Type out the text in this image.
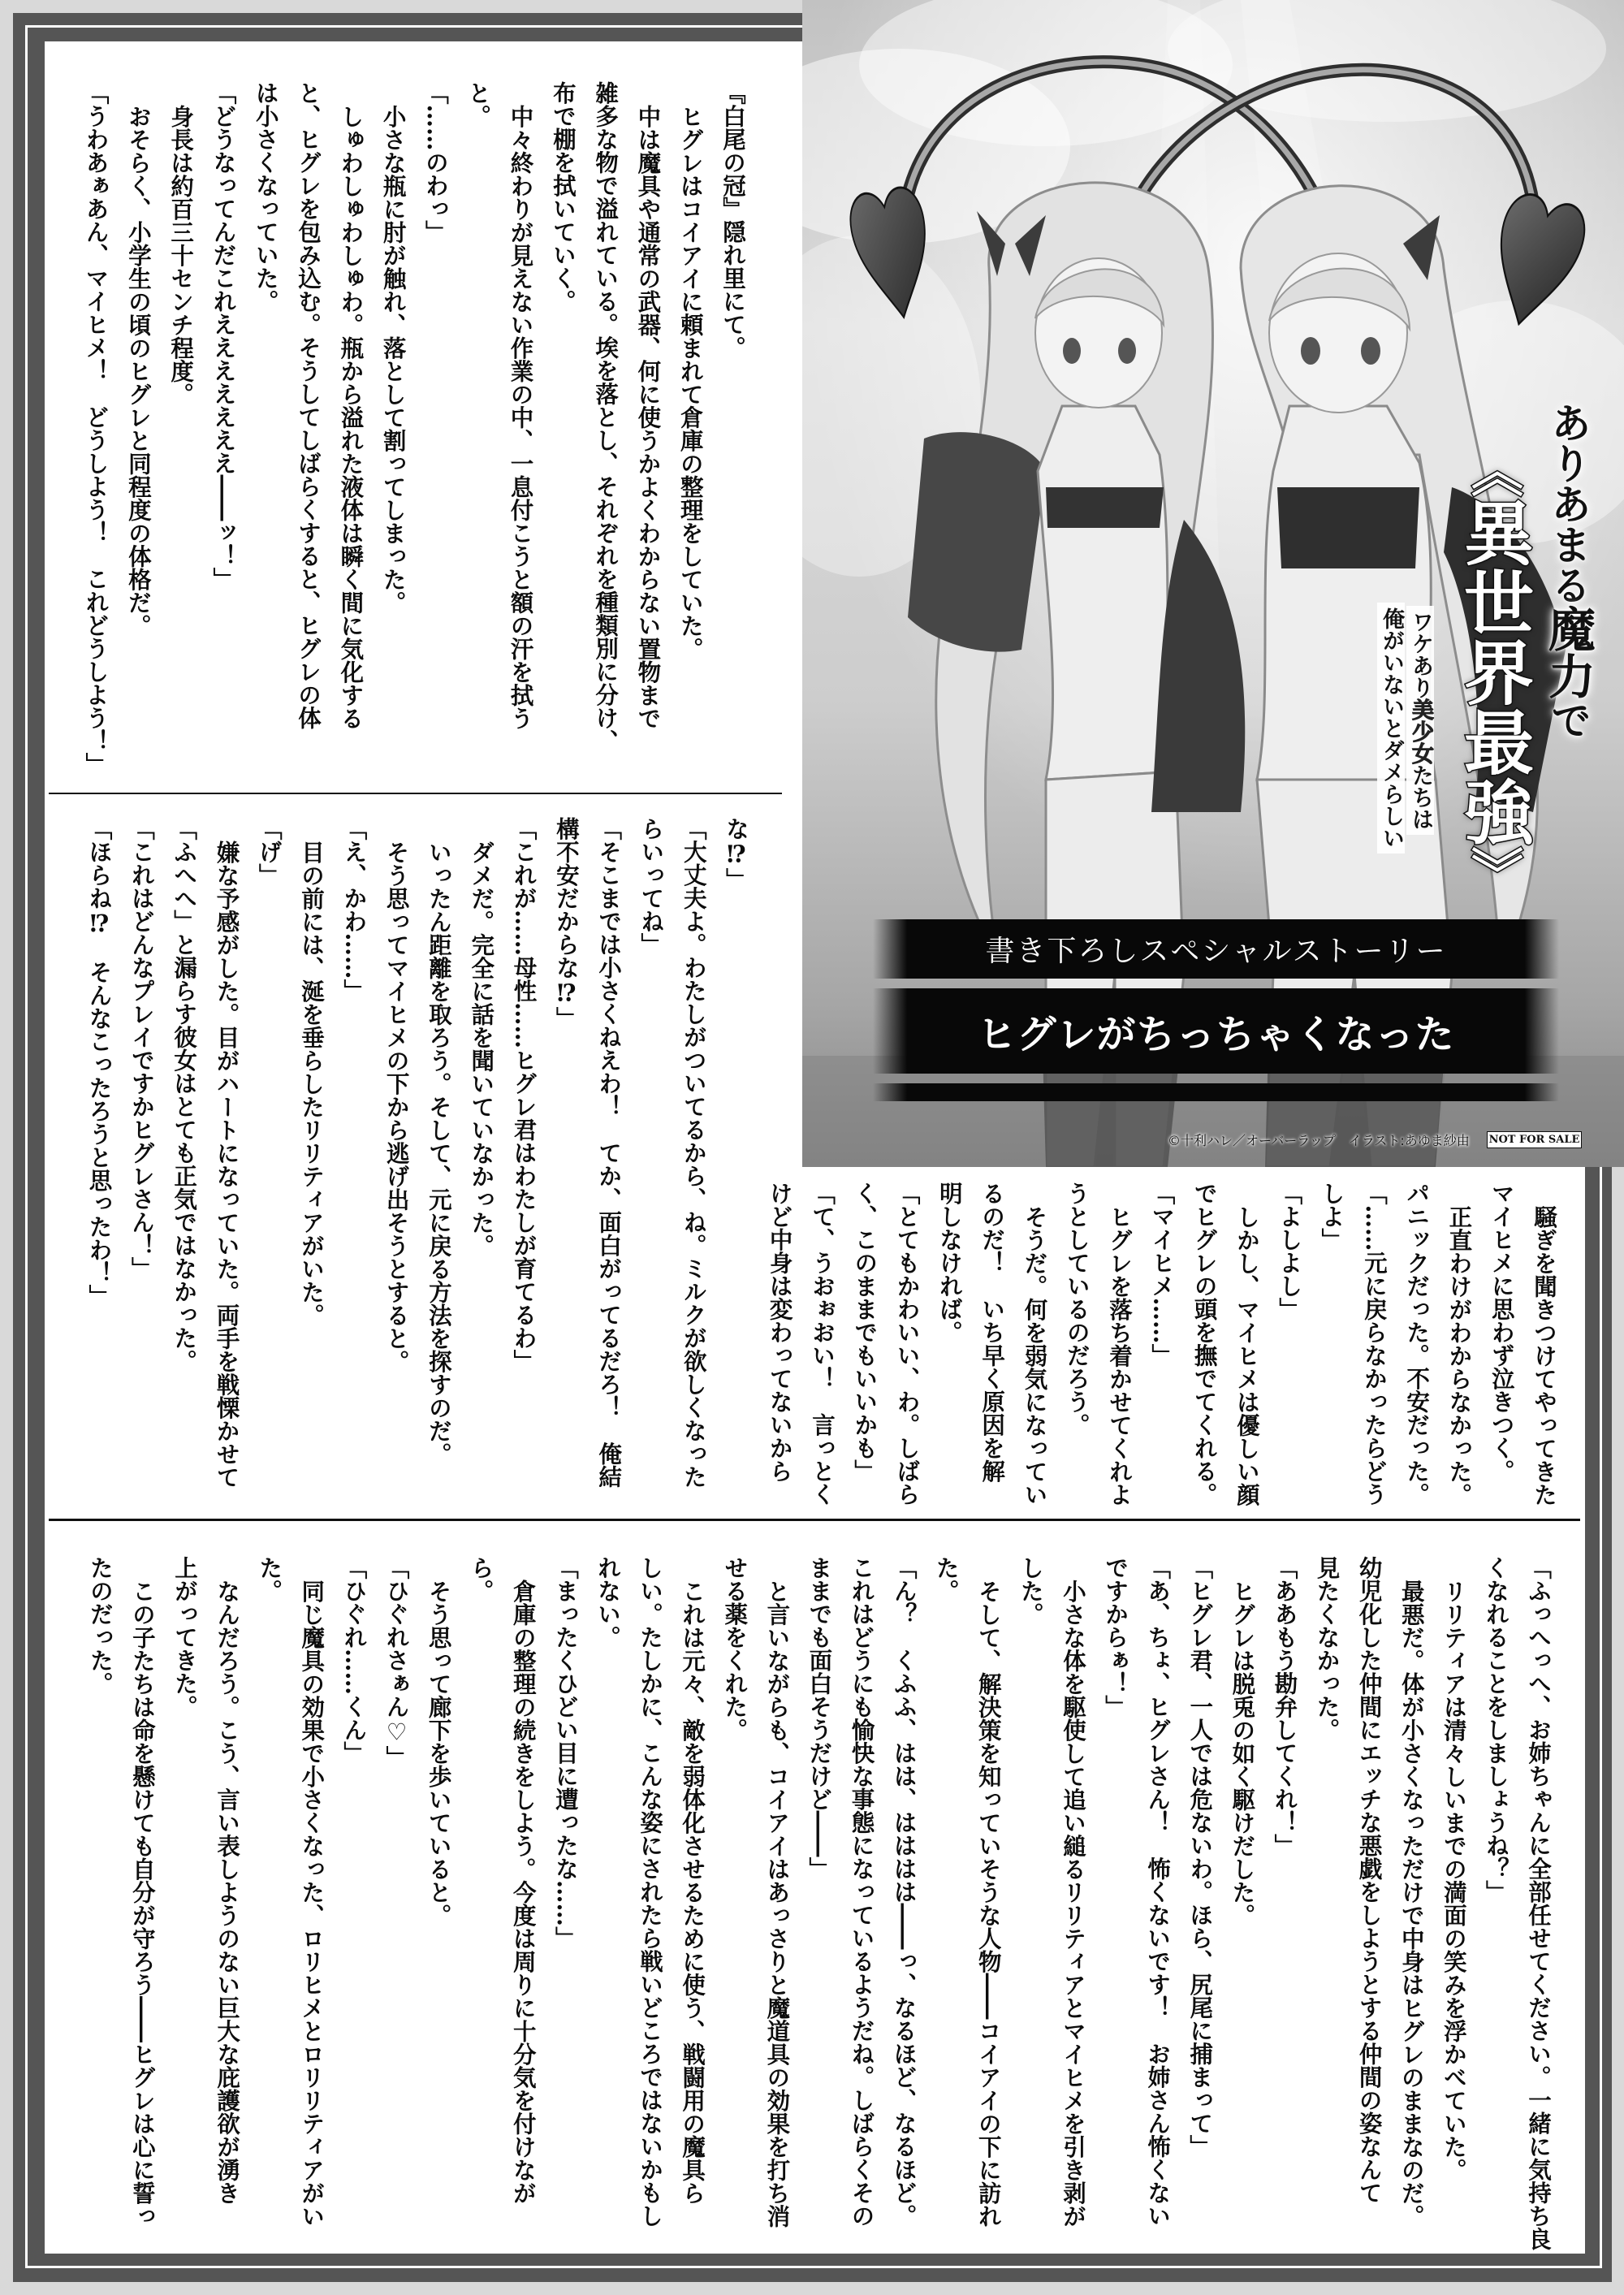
『白尾の冠』隠れ里にて。
ヒグレはコイアイに頼まれて倉庫の整理をしていた。
中は魔具や通常の武器、何に使うかよくわからない置物まで
雑多な物で溢れている。埃を落とし、それぞれを種類別に分け、
布で棚を拭いていく。
中々終わりが見えない作業の中、一息付こうと額の汗を拭う
と。
「……のわっ」
小さな瓶に肘が触れ、落として割ってしまった。
しゅわしゅわしゅわ。瓶から溢れた液体は瞬く間に気化する
と、ヒグレを包み込む。そうしてしばらくすると、ヒグレの体
は小さくなっていた。
「どうなってんだこれえええええええ――ッ！」
身長は約百三十センチ程度。
おそらく、小学生の頃のヒグレと同程度の体格だ。
「うわあぁあん、マイヒメ！　どうしよう！　これどうしよう！」
な⁉」
「大丈夫よ。わたしがついてるから、ね。ミルクが欲しくなった
らいってね」
「そこまでは小さくねえわ！　てか、面白がってるだろ！　俺結
構不安だからな⁉」
「これが……母性……ヒグレ君はわたしが育てるわ」
ダメだ。完全に話を聞いていなかった。
いったん距離を取ろう。そして、元に戻る方法を探すのだ。
そう思ってマイヒメの下から逃げ出そうとすると。
「え、かわ……」
目の前には、涎を垂らしたリリティアがいた。
「げ」
嫌な予感がした。目がハートになっていた。両手を戦慄かせて
「ふへへ」と漏らす彼女はとても正気ではなかった。
「これはどんなプレイですかヒグレさん！」
「ほらね⁉　そんなこったろうと思ったわ！」
騒ぎを聞きつけてやってきた
マイヒメに思わず泣きつく。
正直わけがわからなかった。
パニックだった。不安だった。
「……元に戻らなかったらどう
しよ」
「よしよし」
しかし、マイヒメは優しい顔
でヒグレの頭を撫でてくれる。
「マイヒメ……」
ヒグレを落ち着かせてくれよ
うとしているのだろう。
そうだ。何を弱気になってい
るのだ！　いち早く原因を解
明しなければ。
「とてもかわいい、わ。しばら
く、このままでもいいかも」
「て、うおぉおい！　言っとく
けど中身は変わってないから
「ふっへっへ、お姉ちゃんに全部任せてください。一緒に気持ち良
くなれることをしましょうね？」
リリティアは清々しいまでの満面の笑みを浮かべていた。
最悪だ。体が小さくなっただけで中身はヒグレのままなのだ。
幼児化した仲間にエッチな悪戯をしようとする仲間の姿なんて
見たくなかった。
「ああもう勘弁してくれ！」
ヒグレは脱兎の如く駆けだした。
「ヒグレ君、一人では危ないわ。ほら、尻尾に捕まって」
「あ、ちょ、ヒグレさん！　怖くないです！　お姉さん怖くない
ですからぁ！」
小さな体を駆使して追い縋るリリティアとマイヒメを引き剥が
した。
そして、解決策を知っていそうな人物――コイアイの下に訪れ
た。
「ん？　くふふ、はは、はははは――っ、なるほど、なるほど。
これはどうにも愉快な事態になっているようだね。しばらくその
ままでも面白そうだけど――」
と言いながらも、コイアイはあっさりと魔道具の効果を打ち消
せる薬をくれた。
これは元々、敵を弱体化させるために使う、戦闘用の魔具ら
しい。たしかに、こんな姿にされたら戦いどころではないかもし
れない。
「まったくひどい目に遭ったな……」
倉庫の整理の続きをしよう。今度は周りに十分気を付けなが
ら。
そう思って廊下を歩いていると。
「ひぐれさぁん♡」
「ひぐれ……くん」
同じ魔具の効果で小さくなった、ロリヒメとロリリティアがい
た。
なんだろう。こう、言い表しようのない巨大な庇護欲が湧き
上がってきた。
この子たちは命を懸けても自分が守ろう――ヒグレは心に誓っ
たのだった。
ありあまる魔力で
《異世界最強》
ワケあり美少女たちは
俺がいないとダメらしい
書き下ろしスペシャルストーリー
ヒグレがちっちゃくなった
©十利ハレ／オーバーラップ　イラスト:あゆま紗由 NOT FOR SALE
